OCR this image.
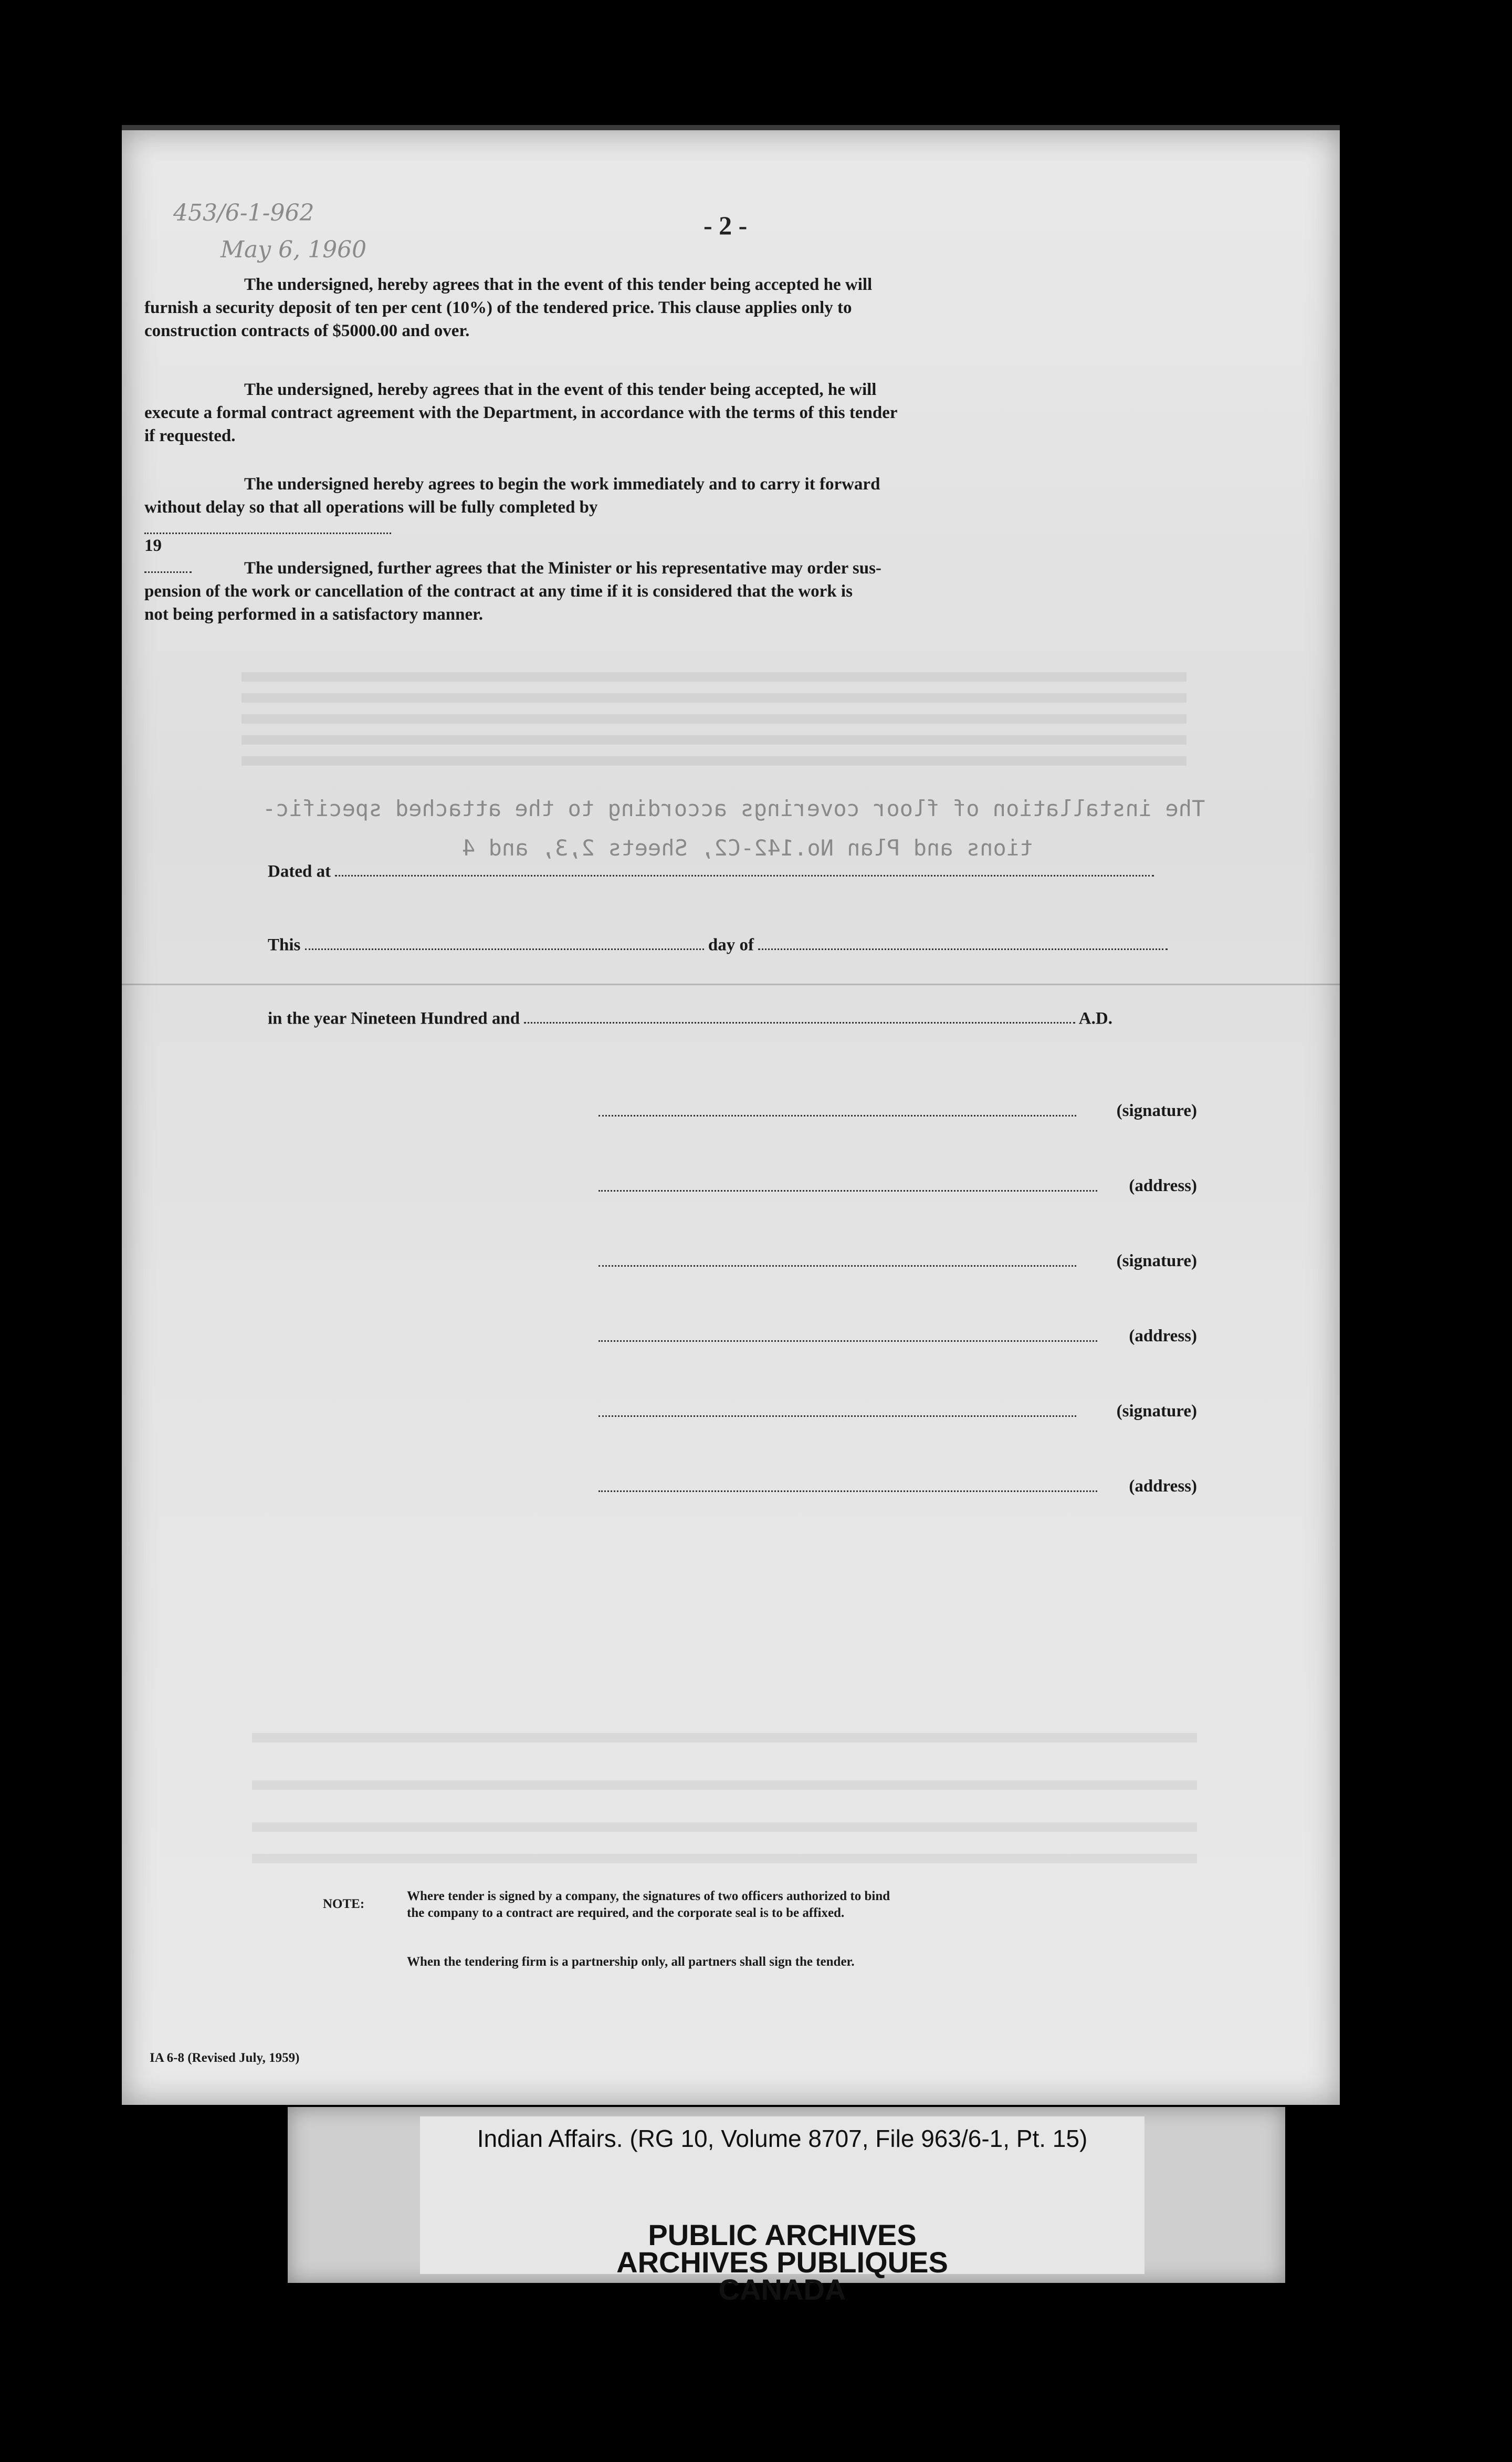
453/6-1-962
May 6, 1960
- 2 -
The undersigned, hereby agrees that in the event of this tender being accepted he will
furnish a security deposit of ten per cent (10%) of the tendered price. This clause applies only to
construction contracts of $5000.00 and over.
The undersigned, hereby agrees that in the event of this tender being accepted, he will
execute a formal contract agreement with the Department, in accordance with the terms of this tender
if requested.
The undersigned hereby agrees to begin the work immediately and to carry it forward
without delay so that all operations will be fully completed by
19
The undersigned, further agrees that the Minister or his representative may order sus-
pension of the work or cancellation of the contract at any time if it is considered that the work is
not being performed in a satisfactory manner.
The installation of floor coverings according to the attached specific-
tions and Plan No.142-C2, Sheets 2,3, and 4
Dated at
This	day of
in the year Nineteen Hundred and	A.D.
(signature)
(address)
(signature)
(address)
(signature)
(address)
NOTE:
Where tender is signed by a company, the signatures of two officers authorized to bind
the company to a contract are required, and the corporate seal is to be affixed.
When the tendering firm is a partnership only, all partners shall sign the tender.
IA 6-8 (Revised July, 1959)
Indian Affairs. (RG 10, Volume 8707, File 963/6-1, Pt. 15)
PUBLIC ARCHIVES
ARCHIVES PUBLIQUES
CANADA
